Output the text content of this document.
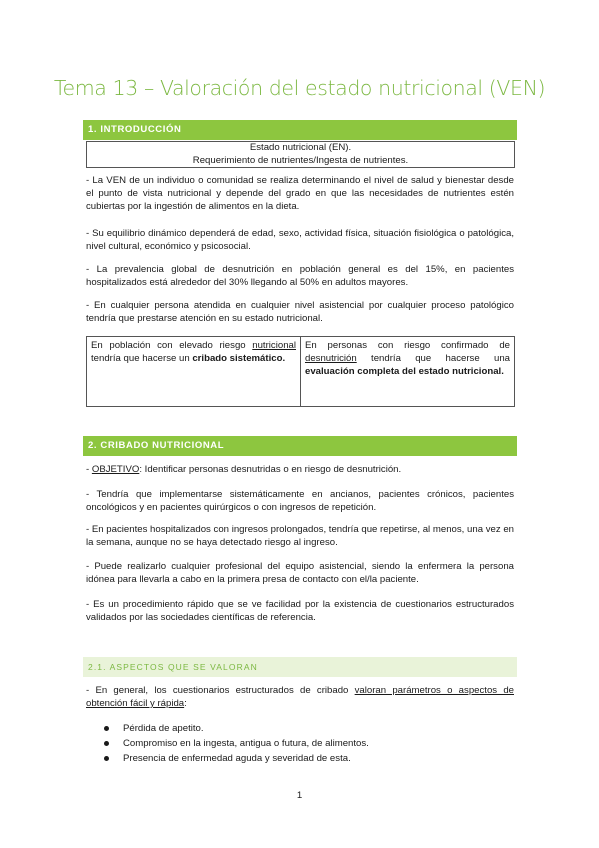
Tema 13 – Valoración del estado nutricional (VEN)
1. INTRODUCCIÓN
Estado nutricional (EN).
Requerimiento de nutrientes/Ingesta de nutrientes.
- La VEN de un individuo o comunidad se realiza determinando el nivel de salud y bienestar desde el punto de vista nutricional y depende del grado en que las necesidades de nutrientes estén cubiertas por la ingestión de alimentos en la dieta.
- Su equilibrio dinámico dependerá de edad, sexo, actividad física, situación fisiológica o patológica, nivel cultural, económico y psicosocial.
- La prevalencia global de desnutrición en población general es del 15%, en pacientes hospitalizados está alrededor del 30% llegando al 50% en adultos mayores.
- En cualquier persona atendida en cualquier nivel asistencial por cualquier proceso patológico tendría que prestarse atención en su estado nutricional.
En población con elevado riesgo nutricional tendría que hacerse un cribado sistemático.
En personas con riesgo confirmado de desnutrición tendría que hacerse una evaluación completa del estado nutricional.
2. CRIBADO NUTRICIONAL
- OBJETIVO: Identificar personas desnutridas o en riesgo de desnutrición.
- Tendría que implementarse sistemáticamente en ancianos, pacientes crónicos, pacientes oncológicos y en pacientes quirúrgicos o con ingresos de repetición.
- En pacientes hospitalizados con ingresos prolongados, tendría que repetirse, al menos, una vez en la semana, aunque no se haya detectado riesgo al ingreso.
- Puede realizarlo cualquier profesional del equipo asistencial, siendo la enfermera la persona idónea para llevarla a cabo en la primera presa de contacto con el/la paciente.
- Es un procedimiento rápido que se ve facilidad por la existencia de cuestionarios estructurados validados por las sociedades científicas de referencia.
2.1. ASPECTOS QUE SE VALORAN
- En general, los cuestionarios estructurados de cribado valoran parámetros o aspectos de obtención fácil y rápida:
Pérdida de apetito.
Compromiso en la ingesta, antigua o futura, de alimentos.
Presencia de enfermedad aguda y severidad de esta.
1
